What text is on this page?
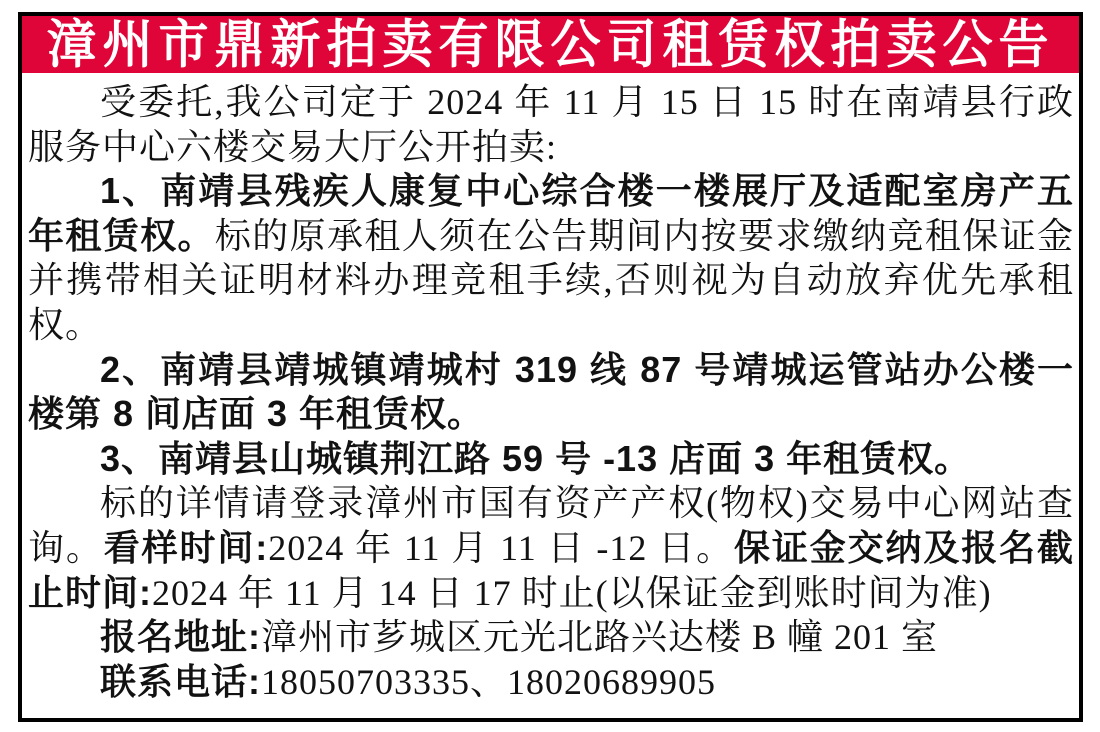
漳州市鼎新拍卖有限公司租赁权拍卖公告

受委托,我公司定于 2024 年 11 月 15 日 15 时在南靖县行政服务中心六楼交易大厅公开拍卖:

1、南靖县残疾人康复中心综合楼一楼展厅及适配室房产五年租赁权。标的原承租人须在公告期间内按要求缴纳竞租保证金并携带相关证明材料办理竞租手续,否则视为自动放弃优先承租权。

2、南靖县靖城镇靖城村 319 线 87 号靖城运管站办公楼一楼第 8 间店面 3 年租赁权。

3、南靖县山城镇荆江路 59 号 -13 店面 3 年租赁权。

标的详情请登录漳州市国有资产产权(物权)交易中心网站查询。看样时间:2024 年 11 月 11 日 -12 日。保证金交纳及报名截止时间:2024 年 11 月 14 日 17 时止(以保证金到账时间为准)

报名地址:漳州市芗城区元光北路兴达楼 B 幢 201 室

联系电话:18050703335、18020689905
